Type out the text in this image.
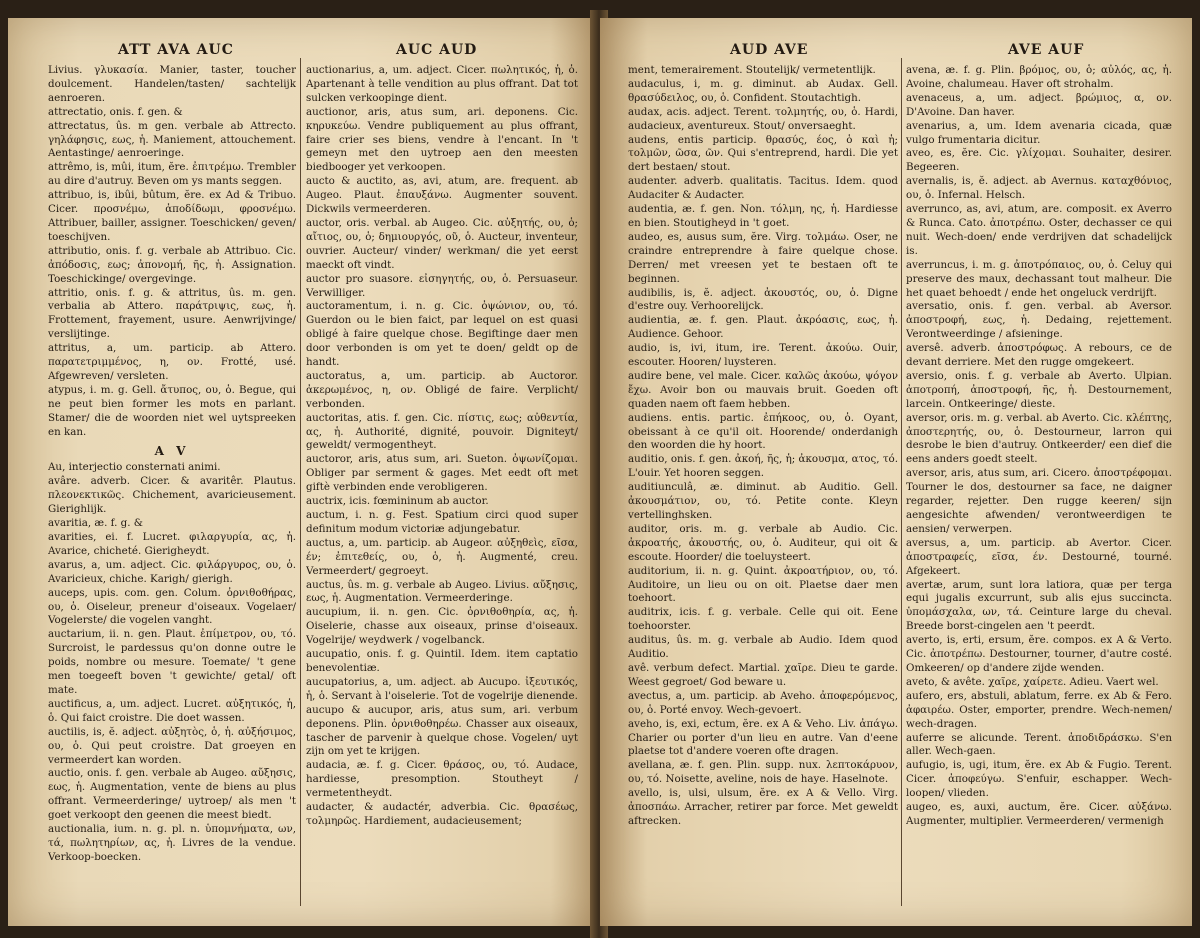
ATT AVA AUC	AUC AUD

Livius. γλυκασία. Manier, taster, toucher doulcement. Handelen/tasten/ sachtelijk aenroeren.

attrectatio, onis. f. gen. &

attrectatus, ûs. m gen. verbale ab Attrecto. γηλάφησις, εως, ἡ. Maniement, attouchement. Aentastinge/ aenroeringe.

attrêmo, is, mûi, itum, ĕre. ἐπιτρέμω. Trembler au dire d'autruy. Beven om ys mants seggen.

attribuo, is, ibûi, bûtum, ĕre. ex Ad & Tribuo. Cicer. προσνέμω, ἀποδίδωμι, φροσνέμω. Attribuer, bailler, assigner. Toeschicken/ geven/ toeschijven.

attributio, onis. f. g. verbale ab Attribuo. Cic. ἀπόδοσις, εως; ἀπονομή, ῆς, ἡ. Assignation. Toeschickinge/ overgevinge.

attritio, onis. f. g. & attritus, ûs. m. gen. verbalia ab Attero. παράτριψις, εως, ἡ. Frottement, frayement, usure. Aenwrijvinge/ verslijtinge.

attritus, a, um. particip. ab Attero. παρατετριμμένος, η, ον. Frotté, usé. Afgewreven/ versleten.

atypus, i. m. g. Gell. ἄτυπος, ου, ὁ. Begue, qui ne peut bien former les mots en parlant. Stamer/ die de woorden niet wel uytspreeken en kan.

A V

Au, interjectio consternati animi.

avâre. adverb. Cicer. & avaritêr. Plautus. πλεονεκτικῶς. Chichement, avaricieusement. Gierighlijk.

avaritia, æ. f. g. &

avarities, ei. f. Lucret. φιλαργυρία, ας, ἡ. Avarice, chicheté. Gierigheydt.

avarus, a, um. adject. Cic. φιλάργυρος, ου, ὁ. Avaricieux, chiche. Karigh/ gierigh.

auceps, upis. com. gen. Colum. ὀρνιθοθήρας, ου, ὁ. Oiseleur, preneur d'oiseaux. Vogelaer/ Vogelerste/ die vogelen vanght.

auctarium, ii. n. gen. Plaut. ἐπίμετρον, ου, τό. Surcroist, le pardessus qu'on donne outre le poids, nombre ou mesure. Toemate/ 't gene men toegeeft boven 't gewichte/ getal/ oft mate.

auctificus, a, um. adject. Lucret. αὐξητικός, ἡ, ὁ. Qui faict croistre. Die doet wassen.

auctilis, is, ĕ. adject. αὐξητὸς, ὁ, ἡ. αὐξήσιμος, ου, ὁ. Qui peut croistre. Dat groeyen en vermeerdert kan worden.

auctio, onis. f. gen. verbale ab Augeo. αὔξησις, εως, ἡ. Augmentation, vente de biens au plus offrant. Vermeerderinge/ uytroep/ als men 't goet verkoopt den geenen die meest biedt.

auctionalia, ium. n. g. pl. n. ὑπομνήματα, ων, τά, πωλητηρίων, ας, ἡ. Livres de la vendue. Verkoop-boecken.

auctionarius, a, um. adject. Cicer. πωλητικός, ἡ, ὁ. Apartenant à telle vendition au plus offrant. Dat tot sulcken verkoopinge dient.

auctionor, aris, atus sum, ari. deponens. Cic. κηρυκεύω. Vendre publiquement au plus offrant, faire crier ses biens, vendre à l'encant. In 't gemeyn met den uytroep aen den meesten biedbooger yet verkoopen.

aucto & auctito, as, avi, atum, are. frequent. ab Augeo. Plaut. ἐπαυξάνω. Augmenter souvent. Dickwils vermeerderen.

auctor, oris. verbal. ab Augeo. Cic. αὐξητής, ου, ὁ; αἴτιος, ου, ὁ; δημιουργός, οῦ, ὁ. Aucteur, inventeur, ouvrier. Aucteur/ vinder/ werkman/ die yet eerst maeckt oft vindt.

auctor pro suasore. εἰσηγητής, ου, ὁ. Persuaseur. Verwilliger.

auctoramentum, i. n. g. Cic. ὀψώνιον, ου, τό. Guerdon ou le bien faict, par lequel on est quasi obligé à faire quelque chose. Begiftinge daer men door verbonden is om yet te doen/ geldt op de handt.

auctoratus, a, um. particip. ab Auctoror. ἀκερωμένος, η, ον. Obligé de faire. Verplicht/ verbonden.

auctoritas, atis. f. gen. Cic. πίστις, εως; αὐθεντία, ας, ἡ. Authorité, dignité, pouvoir. Digniteyt/ geweldt/ vermogentheyt.

auctoror, aris, atus sum, ari. Sueton. ὀψωνίζομαι. Obliger par serment & gages. Met eedt oft met giftè verbinden ende verobligeren.

auctrix, icis. fœmininum ab auctor.

auctum, i. n. g. Fest. Spatium circi quod super definitum modum victoriæ adjungebatur.

auctus, a, um. particip. ab Augeor. αὐξηθεὶς, εῖσα, έν; ἐπιτεθείς, ου, ὁ, ἡ. Augmenté, creu. Vermeerdert/ gegroeyt.

auctus, ûs. m. g. verbale ab Augeo. Livius. αὔξησις, εως, ἡ. Augmentation. Vermeerderinge.

aucupium, ii. n. gen. Cic. ὀρνιθοθηρία, ας, ἡ. Oiselerie, chasse aux oiseaux, prinse d'oiseaux. Vogelrije/ weydwerk / vogelbanck.

aucupatio, onis. f. g. Quintil. Idem. item captatio benevolentiæ.

aucupatorius, a, um. adject. ab Aucupo. ἰξευτικός, ἡ, ὁ. Servant à l'oiselerie. Tot de vogelrije dienende.

aucupo & aucupor, aris, atus sum, ari. verbum deponens. Plin. ὀρνιθοθηρέω. Chasser aux oiseaux, tascher de parvenir à quelque chose. Vogelen/ uyt zijn om yet te krijgen.

audacia, æ. f. g. Cicer. θράσος, ου, τό. Audace, hardiesse, presomption. Stoutheyt / vermetentheydt.

audacter, & audactér, adverbia. Cic. θρασέως, τολμηρῶς. Hardiement, audacieusement;

AUD AVE	AVE AUF

ment, temerairement. Stoutelijk/ vermetentlijk.

audaculus, i, m. g. diminut. ab Audax. Gell. θρασύδειλος, ου, ὁ. Confident. Stoutachtigh.

audax, acis. adject. Terent. τολμητής, ου, ὁ. Hardi, audacieux, aventureux. Stout/ onversaeght.

audens, entis particip. θρασύς, έος, ὁ καὶ ἡ; τολμῶν, ῶσα, ῶν. Qui s'entreprend, hardi. Die yet dert bestaen/ stout.

audenter. adverb. qualitatis. Tacitus. Idem. quod Audaciter & Audacter.

audentia, æ. f. gen. Non. τόλμη, ης, ἡ. Hardiesse en bien. Stoutigheyd in 't goet.

audeo, es, ausus sum, ĕre. Virg. τολμάω. Oser, ne craindre entreprendre à faire quelque chose. Derren/ met vreesen yet te bestaen oft te beginnen.

audibilis, is, ĕ. adject. ἀκουστός, ου, ὁ. Digne d'estre ouy. Verhoorelijck.

audientia, æ. f. gen. Plaut. ἀκρόασις, εως, ἡ. Audience. Gehoor.

audio, is, ivi, itum, ire. Terent. ἀκούω. Ouir, escouter. Hooren/ luysteren.

audire bene, vel male. Cicer. καλῶς ἀκούω, ψόγον ἔχω. Avoir bon ou mauvais bruit. Goeden oft quaden naem oft faem hebben.

audiens. entis. partic. ἐπήκοος, ου, ὁ. Oyant, obeissant à ce qu'il oit. Hoorende/ onderdanigh den woorden die hy hoort.

auditio, onis. f. gen. ἀκοή, ῆς, ἡ; ἀκουσμα, ατος, τό. L'ouir. Yet hooren seggen.

auditiunculâ, æ. diminut. ab Auditio. Gell. ἀκουσμάτιον, ου, τό. Petite conte. Kleyn vertellinghsken.

auditor, oris. m. g. verbale ab Audio. Cic. ἀκροατής, ἀκουστής, ου, ὁ. Auditeur, qui oit & escoute. Hoorder/ die toeluysteert.

auditorium, ii. n. g. Quint. ἀκροατήριον, ου, τό. Auditoire, un lieu ou on oit. Plaetse daer men toehoort.

auditrix, icis. f. g. verbale. Celle qui oit. Eene toehoorster.

auditus, ûs. m. g. verbale ab Audio. Idem quod Auditio.

avê. verbum defect. Martial. χαῖρε. Dieu te garde. Weest gegroet/ God beware u.

avectus, a, um. particip. ab Aveho. ἀποφερόμενος, ου, ὁ. Porté envoy. Wech-gevoert.

aveho, is, exi, ectum, ĕre. ex A & Veho. Liv. ἀπάγω. Charier ou porter d'un lieu en autre. Van d'eene plaetse tot d'andere voeren ofte dragen.

avellana, æ. f. gen. Plin. supp. nux. λεπτοκάρυον, ου, τό. Noisette, aveline, nois de haye. Haselnote.

avello, is, ulsi, ulsum, ĕre. ex A & Vello. Virg. ἀποσπάω. Arracher, retirer par force. Met geweldt aftrecken.

avena, æ. f. g. Plin. βρόμος, ου, ὁ; αὐλός, ας, ἡ. Avoine, chalumeau. Haver oft strohalm.

avenaceus, a, um. adject. βρώμιος, α, ον. D'Avoine. Dan haver.

avenarius, a, um. Idem avenaria cicada, quæ vulgo frumentaria dicitur.

aveo, es, ĕre. Cic. γλίχομαι. Souhaiter, desirer. Begeeren.

avernalis, is, ĕ. adject. ab Avernus. καταχθόνιος, ου, ὁ. Infernal. Helsch.

averrunco, as, avi, atum, are. composit. ex Averro & Runca. Cato. ἀποτρέπω. Oster, dechasser ce qui nuit. Wech-doen/ ende verdrijven dat schadelijck is.

averruncus, i. m. g. ἀποτρόπαιος, ου, ὁ. Celuy qui preserve des maux, dechassant tout malheur. Die het quaet behoedt / ende het ongeluck verdrijft.

aversatio, onis. f. gen. verbal. ab Aversor. ἀποστροφή, εως, ἡ. Dedaing, rejettement. Verontweerdinge / afsieninge.

aversê. adverb. ἀποστρόφως. A rebours, ce de devant derriere. Met den rugge omgekeert.

aversio, onis. f. g. verbale ab Averto. Ulpian. ἀποτροπή, ἀποστροφή, ῆς, ἡ. Destournement, larcein. Ontkeeringe/ dieste.

aversor, oris. m. g. verbal. ab Averto. Cic. κλέπτης, ἀποστερητής, ου, ὁ. Destourneur, larron qui desrobe le bien d'autruy. Ontkeerder/ een dief die eens anders goedt steelt.

aversor, aris, atus sum, ari. Cicero. ἀποστρέφομαι. Tourner le dos, destourner sa face, ne daigner regarder, rejetter. Den rugge keeren/ sijn aengesichte afwenden/ verontweerdigen te aensien/ verwerpen.

aversus, a, um. particip. ab Avertor. Cicer. ἀποστραφείς, εῖσα, έν. Destourné, tourné. Afgekeert.

avertæ, arum, sunt lora latiora, quæ per terga equi jugalis excurrunt, sub alis ejus succincta. ὑπομάσχαλα, ων, τά. Ceinture large du cheval. Breede borst-cingelen aen 't peerdt.

averto, is, erti, ersum, ĕre. compos. ex A & Verto. Cic. ἀποτρέπω. Destourner, tourner, d'autre costé. Omkeeren/ op d'andere zijde wenden.

aveto, & avête. χαῖρε, χαίρετε. Adieu. Vaert wel.

aufero, ers, abstuli, ablatum, ferre. ex Ab & Fero. ἀφαιρέω. Oster, emporter, prendre. Wech-nemen/ wech-dragen.

auferre se alicunde. Terent. ἀποδιδράσκω. S'en aller. Wech-gaen.

aufugio, is, ugi, itum, ĕre. ex Ab & Fugio. Terent. Cicer. ἀποφεύγω. S'enfuir, eschapper. Wech-loopen/ vlieden.

augeo, es, auxi, auctum, ĕre. Cicer. αὐξάνω. Augmenter, multiplier. Vermeerderen/ vermenigh
